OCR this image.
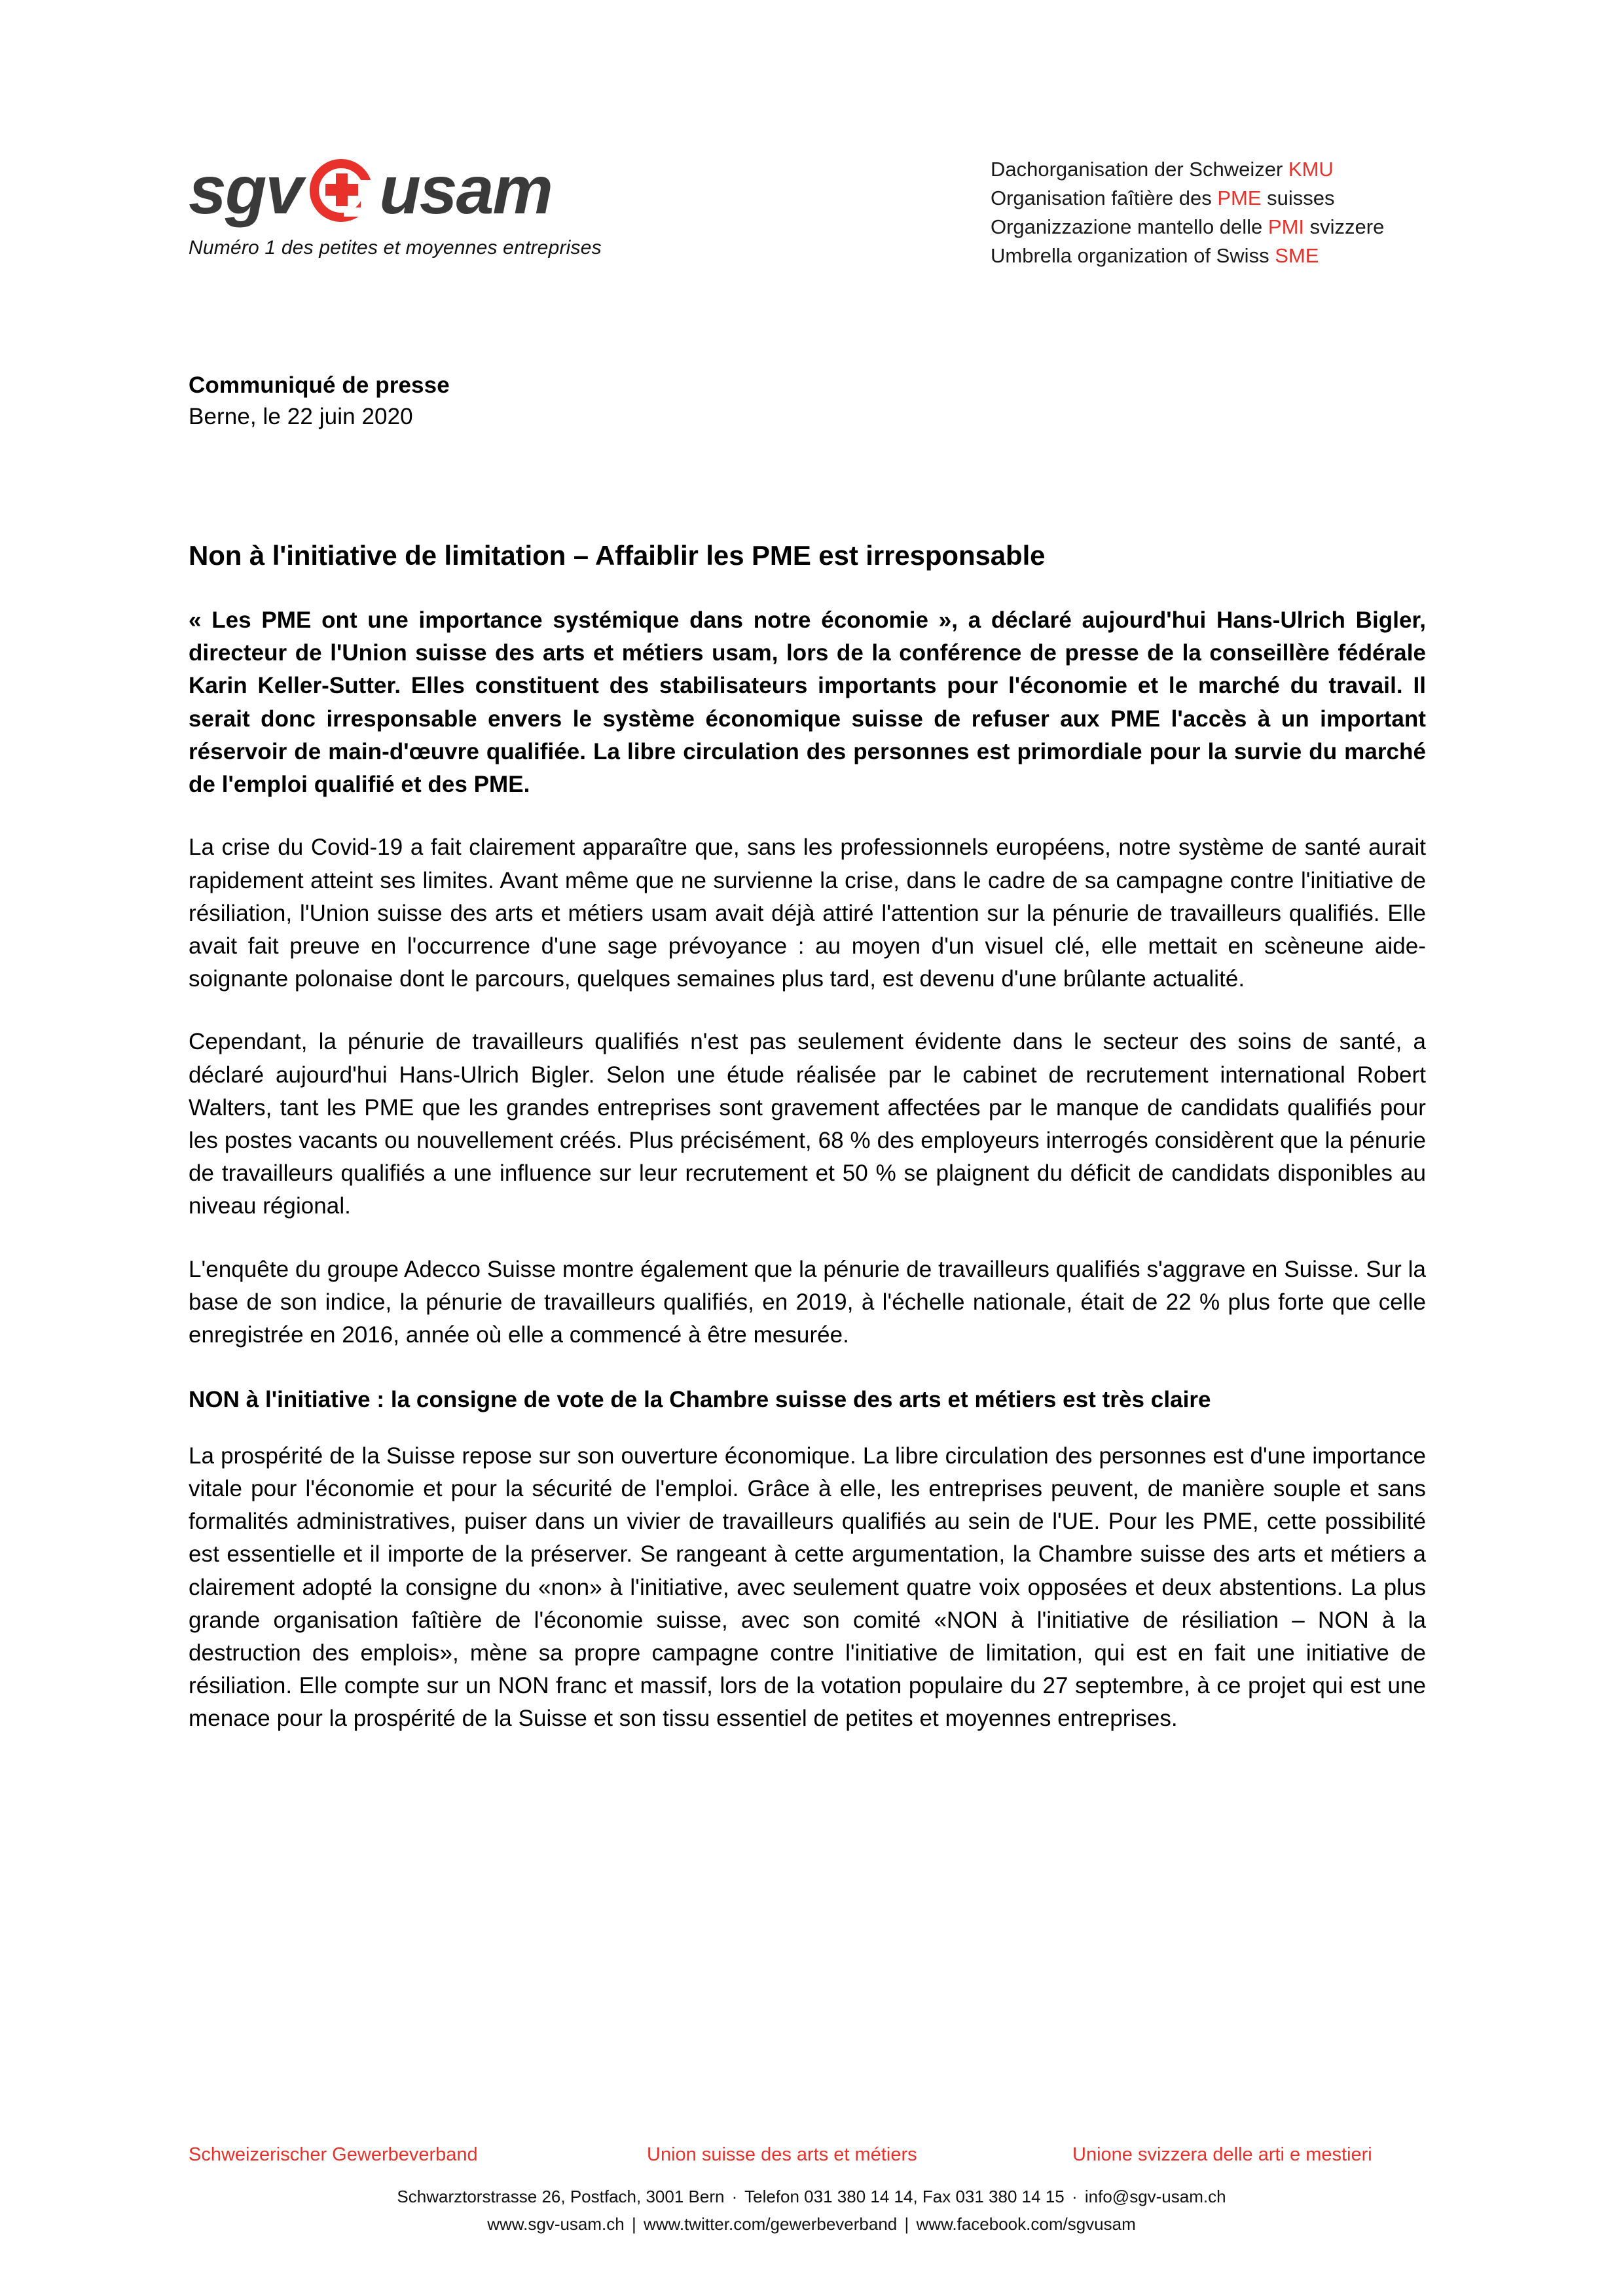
sgv usam
Numéro 1 des petites et moyennes entreprises
Dachorganisation der Schweizer KMU
Organisation faîtière des PME suisses
Organizzazione mantello delle PMI svizzere
Umbrella organization of Swiss SME
Communiqué de presse
Berne, le 22 juin 2020
Non à l'initiative de limitation – Affaiblir les PME est irresponsable
« Les PME ont une importance systémique dans notre économie », a déclaré aujourd'hui Hans-Ulrich Bigler, directeur de l'Union suisse des arts et métiers usam, lors de la conférence de presse de la conseillère fédérale Karin Keller-Sutter. Elles constituent des stabilisateurs importants pour l'économie et le marché du travail. Il serait donc irresponsable envers le système économique suisse de refuser aux PME l'accès à un important réservoir de main-d'œuvre qualifiée. La libre circulation des personnes est primordiale pour la survie du marché de l'emploi qualifié et des PME.

La crise du Covid-19 a fait clairement apparaître que, sans les professionnels européens, notre système de santé aurait rapidement atteint ses limites. Avant même que ne survienne la crise, dans le cadre de sa campagne contre l'initiative de résiliation, l'Union suisse des arts et métiers usam avait déjà attiré l'attention sur la pénurie de travailleurs qualifiés. Elle avait fait preuve en l'occurrence d'une sage prévoyance : au moyen d'un visuel clé, elle mettait en scèneune aide-soignante polonaise dont le parcours, quelques semaines plus tard, est devenu d'une brûlante actualité.

Cependant, la pénurie de travailleurs qualifiés n'est pas seulement évidente dans le secteur des soins de santé, a déclaré aujourd'hui Hans-Ulrich Bigler. Selon une étude réalisée par le cabinet de recrutement international Robert Walters, tant les PME que les grandes entreprises sont gravement affectées par le manque de candidats qualifiés pour les postes vacants ou nouvellement créés. Plus précisément, 68 % des employeurs interrogés considèrent que la pénurie de travailleurs qualifiés a une influence sur leur recrutement et 50 % se plaignent du déficit de candidats disponibles au niveau régional.

L'enquête du groupe Adecco Suisse montre également que la pénurie de travailleurs qualifiés s'aggrave en Suisse. Sur la base de son indice, la pénurie de travailleurs qualifiés, en 2019, à l'échelle nationale, était de 22 % plus forte que celle enregistrée en 2016, année où elle a commencé à être mesurée.

NON à l'initiative : la consigne de vote de la Chambre suisse des arts et métiers est très claire

La prospérité de la Suisse repose sur son ouverture économique. La libre circulation des personnes est d'une importance vitale pour l'économie et pour la sécurité de l'emploi. Grâce à elle, les entreprises peuvent, de manière souple et sans formalités administratives, puiser dans un vivier de travailleurs qualifiés au sein de l'UE. Pour les PME, cette possibilité est essentielle et il importe de la préserver. Se rangeant à cette argumentation, la Chambre suisse des arts et métiers a clairement adopté la consigne du «non» à l'initiative, avec seulement quatre voix opposées et deux abstentions. La plus grande organisation faîtière de l'économie suisse, avec son comité «NON à l'initiative de résiliation – NON à la destruction des emplois», mène sa propre campagne contre l'initiative de limitation, qui est en fait une initiative de résiliation. Elle compte sur un NON franc et massif, lors de la votation populaire du 27 septembre, à ce projet qui est une menace pour la prospérité de la Suisse et son tissu essentiel de petites et moyennes entreprises.

Schweizerischer Gewerbeverband	Union suisse des arts et métiers	Unione svizzera delle arti e mestieri
Schwarztorstrasse 26, Postfach, 3001 Bern · Telefon 031 380 14 14, Fax 031 380 14 15 · info@sgv-usam.ch
www.sgv-usam.ch | www.twitter.com/gewerbeverband | www.facebook.com/sgvusam
